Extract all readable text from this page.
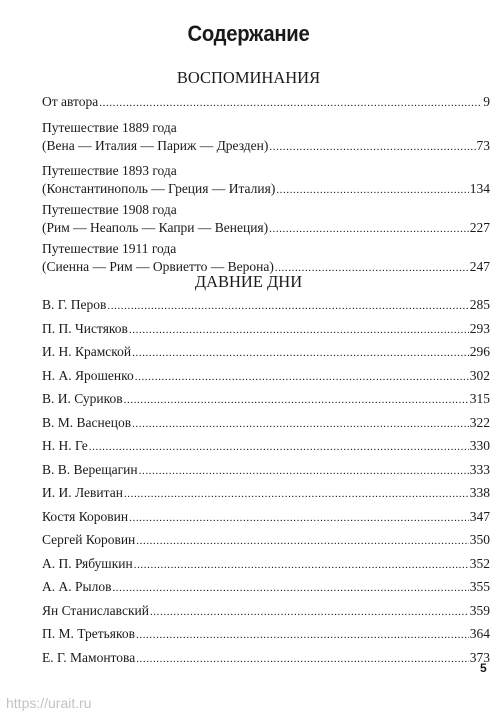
Содержание
ВОСПОМИНАНИЯ
От автора .....	9
Путешествие 1889 года
(Вена — Италия — Париж — Дрезден) .....	73
Путешествие 1893 года
(Константинополь — Греция — Италия) .....	134
Путешествие 1908 года
(Рим — Неаполь — Капри — Венеция) .....	227
Путешествие 1911 года
(Сиенна — Рим — Орвиетто — Верона) .....	247
ДАВНИЕ ДНИ
В. Г. Перов .....	285
П. П. Чистяков .....	293
И. Н. Крамской .....	296
Н. А. Ярошенко .....	302
В. И. Суриков .....	315
В. М. Васнецов .....	322
Н. Н. Ге .....	330
В. В. Верещагин .....	333
И. И. Левитан .....	338
Костя Коровин .....	347
Сергей Коровин .....	350
А. П. Рябушкин .....	352
А. А. Рылов .....	355
Ян Станиславский .....	359
П. М. Третьяков .....	364
Е. Г. Мамонтова .....	373
5
https://urait.ru
